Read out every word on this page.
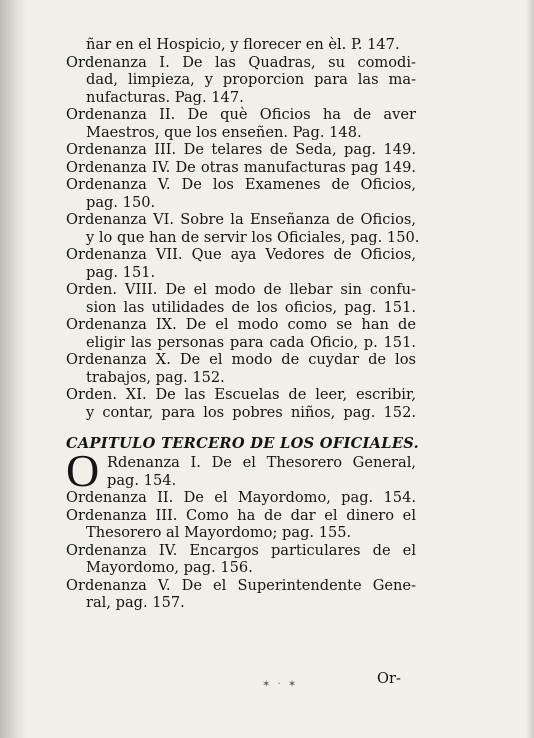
ñar en el Hospicio, y florecer en èl. P. 147.
Ordenanza I. De las Quadras, su comodi-
dad, limpieza, y proporcion para las ma-
nufacturas. Pag. 147.
Ordenanza II. De què Oficios ha de aver
Maestros, que los enseñen. Pag. 148.
Ordenanza III. De telares de Seda, pag. 149.
Ordenanza IV. De otras manufacturas pag 149.
Ordenanza V. De los Examenes de Oficios,
pag. 150.
Ordenanza VI. Sobre la Enseñanza de Oficios,
y lo que han de servir los Oficiales, pag. 150.
Ordenanza VII. Que aya Vedores de Oficios,
pag. 151.
Orden. VIII. De el modo de llebar sin confu-
sion las utilidades de los oficios, pag. 151.
Ordenanza IX. De el modo como se han de
eligir las personas para cada Oficio, p. 151.
Ordenanza X. De el modo de cuydar de los
trabajos, pag. 152.
Orden. XI. De las Escuelas de leer, escribir,
y contar, para los pobres niños, pag. 152.
CAPITULO TERCERO DE LOS OFICIALES.
O Rdenanza I. De el Thesorero General,
pag. 154.
Ordenanza II. De el Mayordomo, pag. 154.
Ordenanza III. Como ha de dar el dinero el
Thesorero al Mayordomo; pag. 155.
Ordenanza IV. Encargos particulares de el
Mayordomo, pag. 156.
Ordenanza V. De el Superintendente Gene-
ral, pag. 157.
✶ · ✶	Or-
